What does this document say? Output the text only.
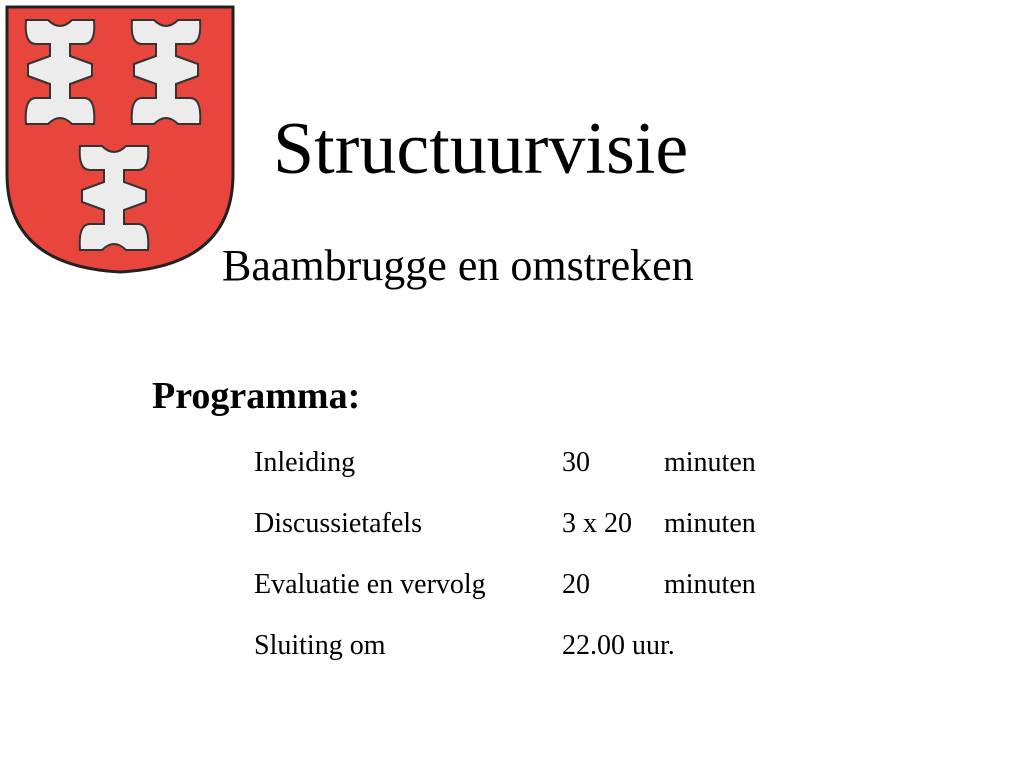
Structuurvisie
Baambrugge en omstreken
Programma:
Inleiding	30	minuten
Discussietafels	3 x 20 minuten
Evaluatie en vervolg	20	minuten
Sluiting om	22.00 uur.
